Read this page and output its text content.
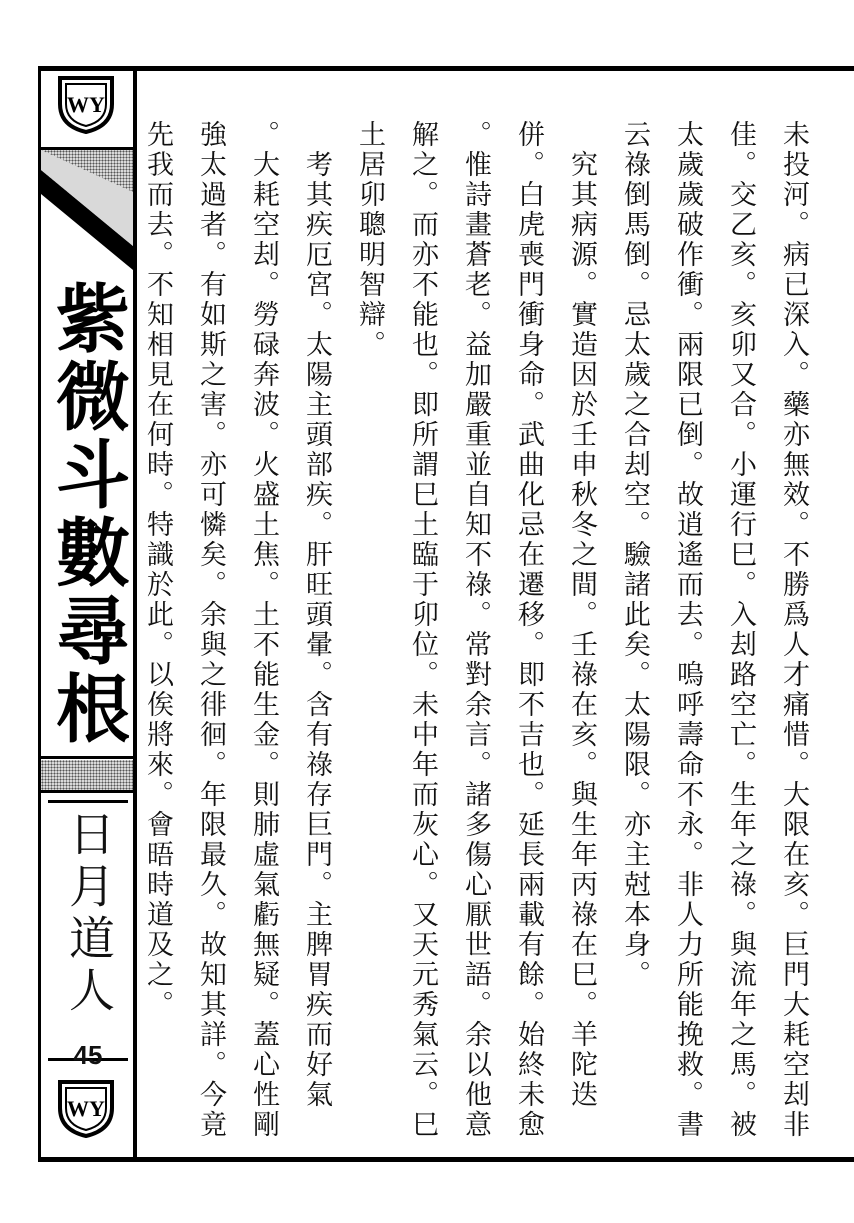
WY
紫微斗數尋根
日月道人
45
WY	未投河。病已深入。藥亦無效。不勝爲人才痛惜。大限在亥。巨門大耗空刦非
佳。交乙亥。亥卯又合。小運行巳。入刦路空亡。生年之祿。與流年之馬。被
太歲歲破作衝。兩限已倒。故逍遙而去。嗚呼壽命不永。非人力所能挽救。書
云祿倒馬倒。忌太歲之合刦空。驗諸此矣。太陽限。亦主尅本身。
　究其病源。實造因於壬申秋冬之間。壬祿在亥。與生年丙祿在巳。羊陀迭
併。白虎喪門衝身命。武曲化忌在遷移。即不吉也。延長兩載有餘。始終未愈
。惟詩畫蒼老。益加嚴重並自知不祿。常對余言。諸多傷心厭世語。余以他意
解之。而亦不能也。即所謂巳土臨于卯位。未中年而灰心。又天元秀氣云。巳
土居卯聰明智辯。
　考其疾厄宮。太陽主頭部疾。肝旺頭暈。含有祿存巨門。主脾胃疾而好氣
。大耗空刦。勞碌奔波。火盛土焦。土不能生金。則肺虛氣虧無疑。蓋心性剛
強太過者。有如斯之害。亦可憐矣。余與之徘徊。年限最久。故知其詳。今竟
先我而去。不知相見在何時。特識於此。以俟將來。會晤時道及之。
